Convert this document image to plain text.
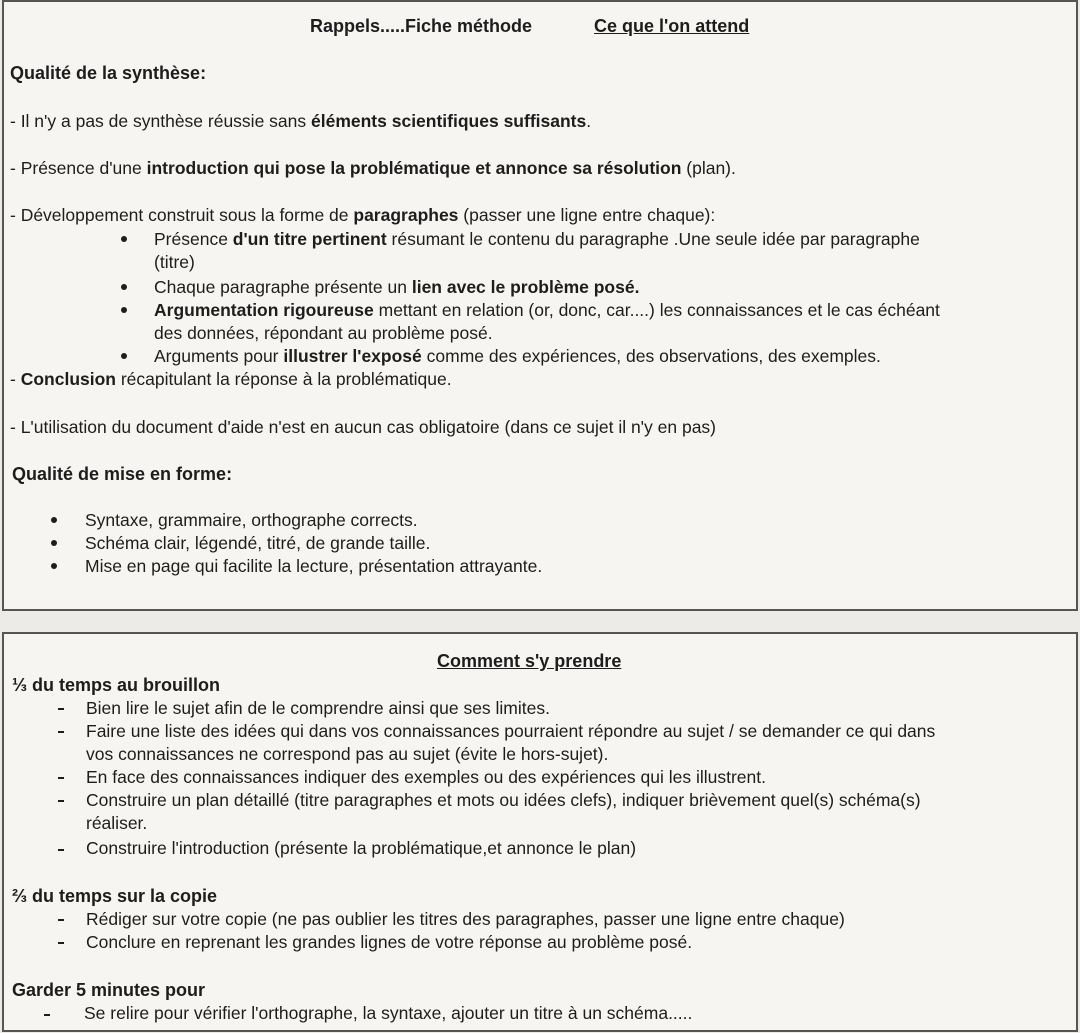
Rappels.....Fiche méthode	Ce que l'on attend
Qualité de la synthèse:
- Il n'y a pas de synthèse réussie sans éléments scientifiques suffisants.
- Présence d'une introduction qui pose la problématique et annonce sa résolution (plan).
- Développement construit sous la forme de paragraphes (passer une ligne entre chaque):
Présence d'un titre pertinent résumant le contenu du paragraphe .Une seule idée par paragraphe
(titre)
Chaque paragraphe présente un lien avec le problème posé.
Argumentation rigoureuse mettant en relation (or, donc, car....) les connaissances et le cas échéant
des données, répondant au problème posé.
Arguments pour illustrer l'exposé comme des expériences, des observations, des exemples.
- Conclusion récapitulant la réponse à la problématique.
- L'utilisation du document d'aide n'est en aucun cas obligatoire (dans ce sujet il n'y en pas)
Qualité de mise en forme:
Syntaxe, grammaire, orthographe corrects.
Schéma clair, légendé, titré, de grande taille.
Mise en page qui facilite la lecture, présentation attrayante.
Comment s'y prendre
⅓ du temps au brouillon
Bien lire le sujet afin de le comprendre ainsi que ses limites.
Faire une liste des idées qui dans vos connaissances pourraient répondre au sujet / se demander ce qui dans
vos connaissances ne correspond pas au sujet (évite le hors-sujet).
En face des connaissances indiquer des exemples ou des expériences qui les illustrent.
Construire un plan détaillé (titre paragraphes et mots ou idées clefs), indiquer brièvement quel(s) schéma(s)
réaliser.
Construire l'introduction (présente la problématique,et annonce le plan)
⅔ du temps sur la copie
Rédiger sur votre copie (ne pas oublier les titres des paragraphes, passer une ligne entre chaque)
Conclure en reprenant les grandes lignes de votre réponse au problème posé.
Garder 5 minutes pour
Se relire pour vérifier l'orthographe, la syntaxe, ajouter un titre à un schéma.....
